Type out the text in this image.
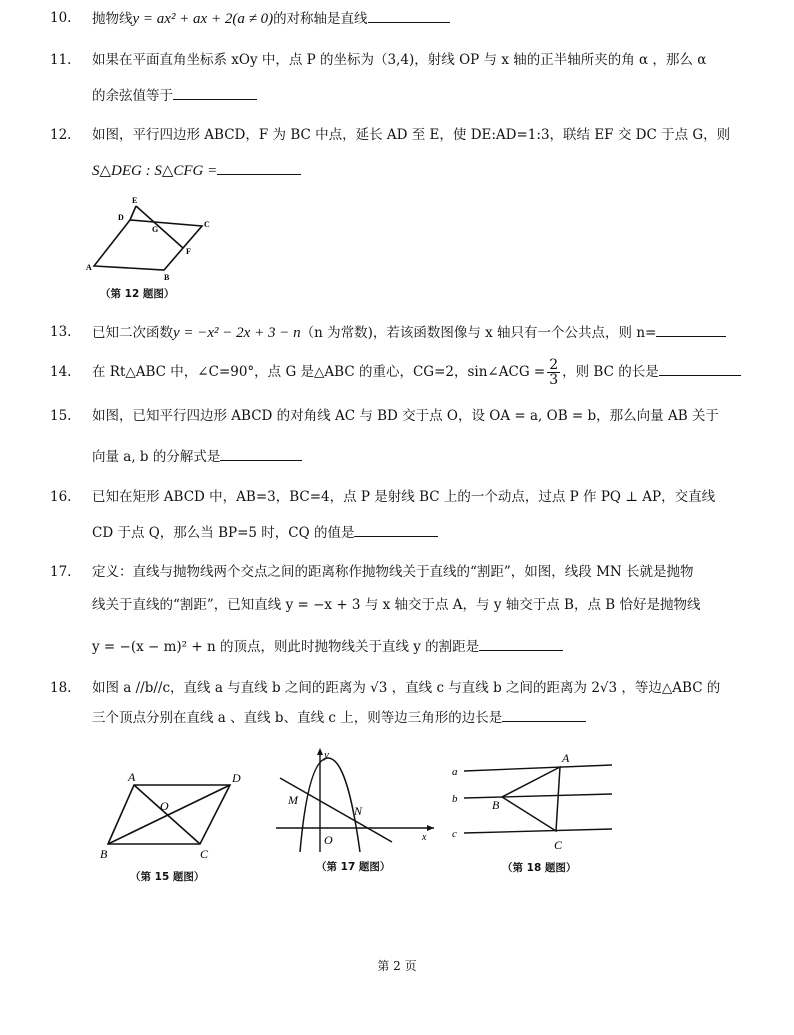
10. 抛物线y = ax² + ax + 2(a ≠ 0)的对称轴是直线
11. 如果在平面直角坐标系 xOy 中，点 P 的坐标为（3,4)，射线 OP 与 x 轴的正半轴所夹的角 α ，那么 α
的余弦值等于
12. 如图，平行四边形 ABCD，F 为 BC 中点，延长 AD 至 E，使 DE:AD=1:3，联结 EF 交 DC 于点 G，则
S△DEG : S△CFG =
E
D
G
C
F
A
B
（第 12 题图）
13. 已知二次函数y = −x² − 2x + 3 − n（n 为常数)，若该函数图像与 x 轴只有一个公共点，则 n=
14. 在 Rt△ABC 中，∠C=90°，点 G 是△ABC 的重心，CG=2，sin∠ACG = $\frac{2}{3}$ ，则 BC 的长是
15. 如图，已知平行四边形 ABCD 的对角线 AC 与 BD 交于点 O，设 OA = a, OB = b，那么向量 AB 关于
向量 a, b 的分解式是
16. 已知在矩形 ABCD 中，AB=3，BC=4，点 P 是射线 BC 上的一个动点，过点 P 作 PQ ⊥ AP，交直线
CD 于点 Q，那么当 BP=5 时，CQ 的值是
17. 定义：直线与抛物线两个交点之间的距离称作抛物线关于直线的“割距”，如图，线段 MN 长就是抛物
线关于直线的“割距”，已知直线 y = −x + 3 与 x 轴交于点 A，与 y 轴交于点 B，点 B 恰好是抛物线
y = −(x − m)² + n 的顶点，则此时抛物线关于直线 y 的割距是
18. 如图 a //b//c，直线 a 与直线 b 之间的距离为 √3 ，直线 c 与直线 b 之间的距离为 2√3 ，等边△ABC 的
三个顶点分别在直线 a 、直线 b、直线 c 上，则等边三角形的边长是
A	D
O
B	C
（第 15 题图）
y
M
N
O	x
（第 17 题图）
a
b
c
A
B
C
（第 18 题图）
第 2 页
